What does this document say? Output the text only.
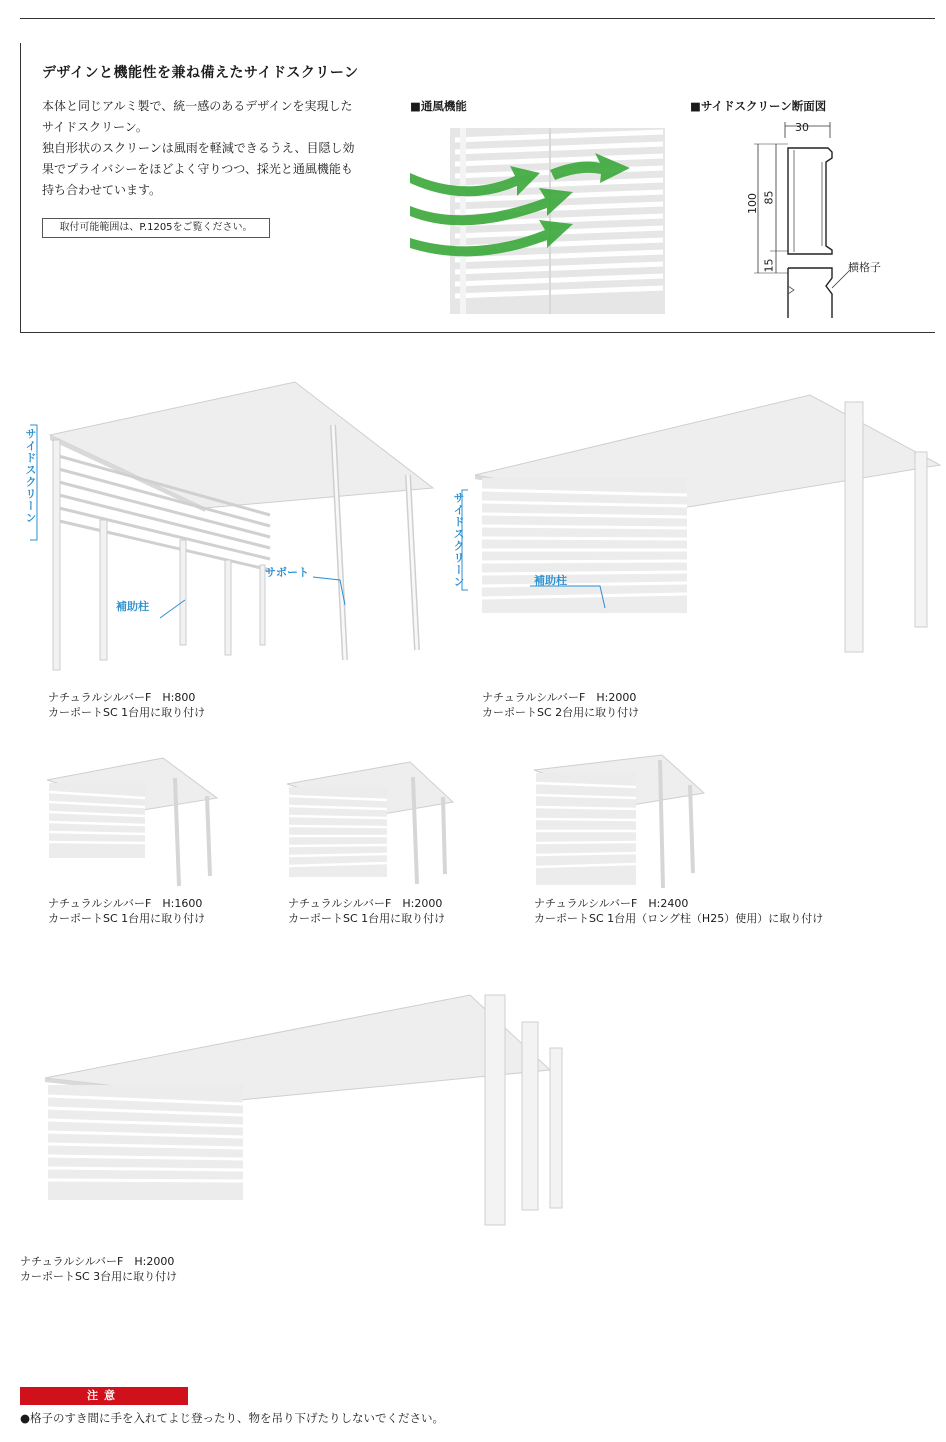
デザインと機能性を兼ね備えたサイドスクリーン
本体と同じアルミ製で、統一感のあるデザインを実現した
サイドスクリーン。
独自形状のスクリーンは風雨を軽減できるうえ、目隠し効
果でプライバシーをほどよく守りつつ、採光と通風機能も
持ち合わせています。
取付可能範囲は、P.1205をご覧ください。
■通風機能	■サイドスクリーン断面図
30
100 85
15	横格子
サイドスクリーン
補助柱
サポート
ナチュラルシルバーF　H:800
カーポートSC 1台用に取り付け
サイドスクリーン	補助柱
ナチュラルシルバーF　H:2000
カーポートSC 2台用に取り付け
ナチュラルシルバーF　H:1600
カーポートSC 1台用に取り付け
ナチュラルシルバーF　H:2000
カーポートSC 1台用に取り付け
ナチュラルシルバーF　H:2400
カーポートSC 1台用（ロング柱（H25）使用）に取り付け
ナチュラルシルバーF　H:2000
カーポートSC 3台用に取り付け
注意
●格子のすき間に手を入れてよじ登ったり、物を吊り下げたりしないでください。
